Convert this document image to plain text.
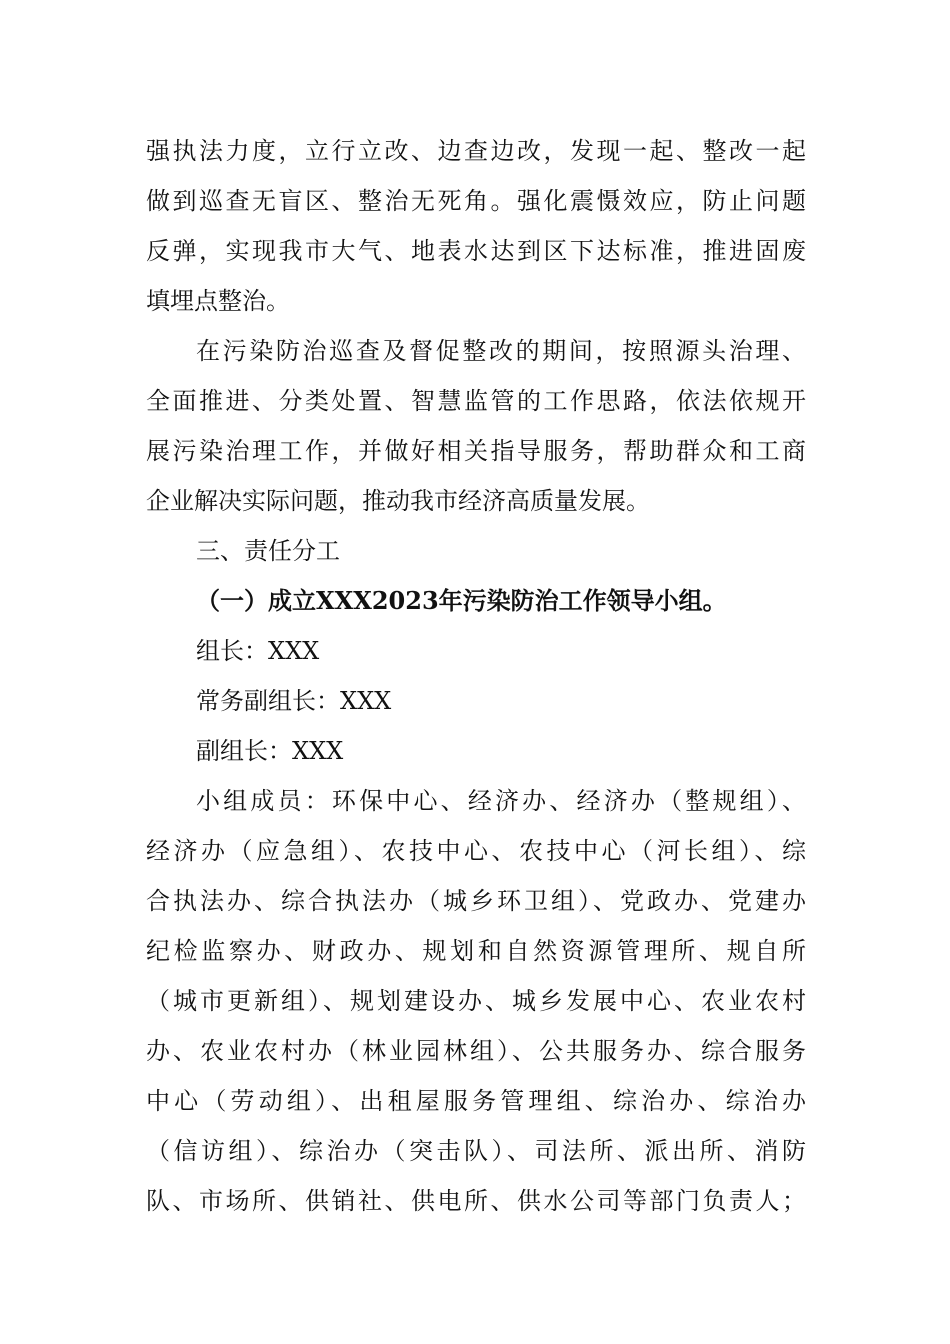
强执法力度，立行立改、边查边改，发现一起、整改一起
做到巡查无盲区、整治无死角。强化震慑效应，防止问题
反弹，实现我市大气、地表水达到区下达标准，推进固废
填埋点整治。
在污染防治巡查及督促整改的期间，按照源头治理、
全面推进、分类处置、智慧监管的工作思路，依法依规开
展污染治理工作，并做好相关指导服务，帮助群众和工商
企业解决实际问题，推动我市经济高质量发展。
三、责任分工
（一）成立XXX2023年污染防治工作领导小组。
组长：XXX
常务副组长：XXX
副组长：XXX
小组成员：环保中心、经济办、经济办（整规组）、
经济办（应急组）、农技中心、农技中心（河长组）、综
合执法办、综合执法办（城乡环卫组）、党政办、党建办
纪检监察办、财政办、规划和自然资源管理所、规自所
（城市更新组）、规划建设办、城乡发展中心、农业农村
办、农业农村办（林业园林组）、公共服务办、综合服务
中心（劳动组）、出租屋服务管理组、综治办、综治办
（信访组）、综治办（突击队）、司法所、派出所、消防
队、市场所、供销社、供电所、供水公司等部门负责人；
